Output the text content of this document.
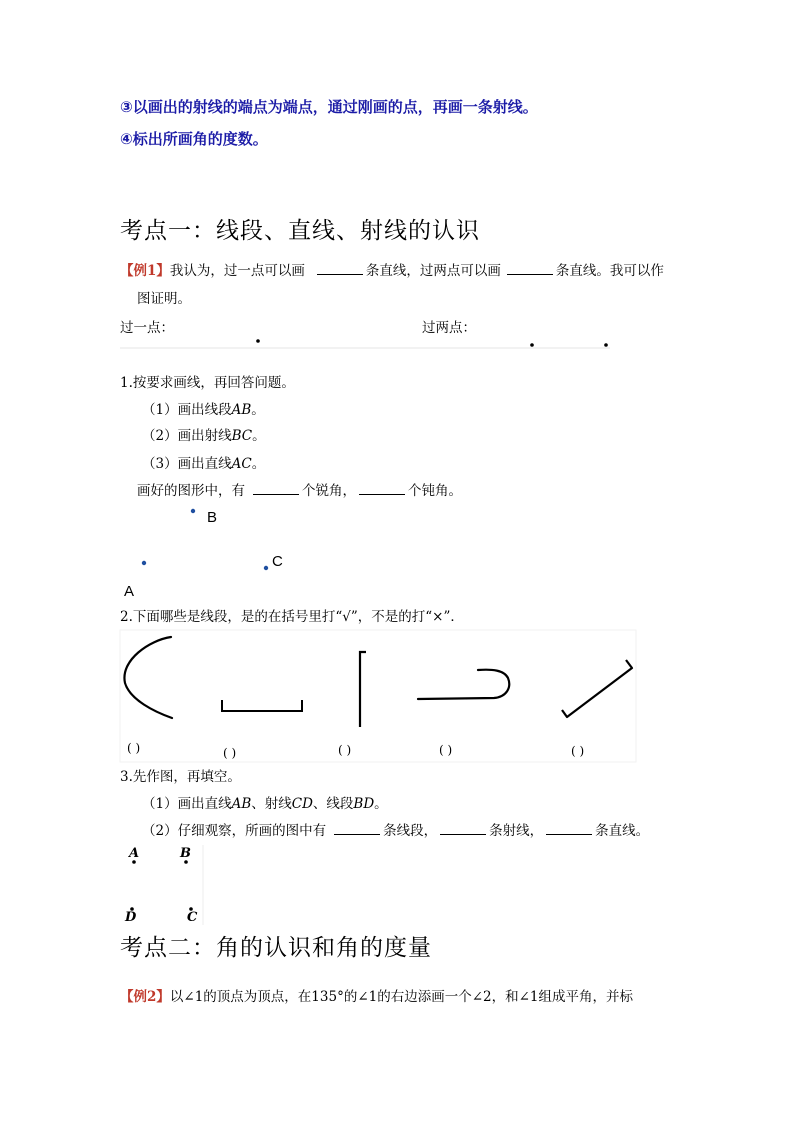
③以画出的射线的端点为端点，通过刚画的点，再画一条射线。
④标出所画角的度数。
考点一：线段、直线、射线的认识
【例1】我认为，过一点可以画	条直线，过两点可以画	条直线。我可以作
图证明。
过一点：	过两点：
1.按要求画线，再回答问题。
（1）画出线段AB。
（2）画出射线BC。
（3）画出直线AC。
画好的图形中，有	个锐角，	个钝角。
B
C
A
2.下面哪些是线段，是的在括号里打“√”，不是的打“×”．
( )	( )	( )	( )	( )
3.先作图，再填空。
（1）画出直线AB、射线CD、线段BD。
（2）仔细观察，所画的图中有	条线段，	条射线，	条直线。
A	B
D	C
考点二：角的认识和角的度量
【例2】以∠1的顶点为顶点，在135°的∠1的右边添画一个∠2，和∠1组成平角，并标
